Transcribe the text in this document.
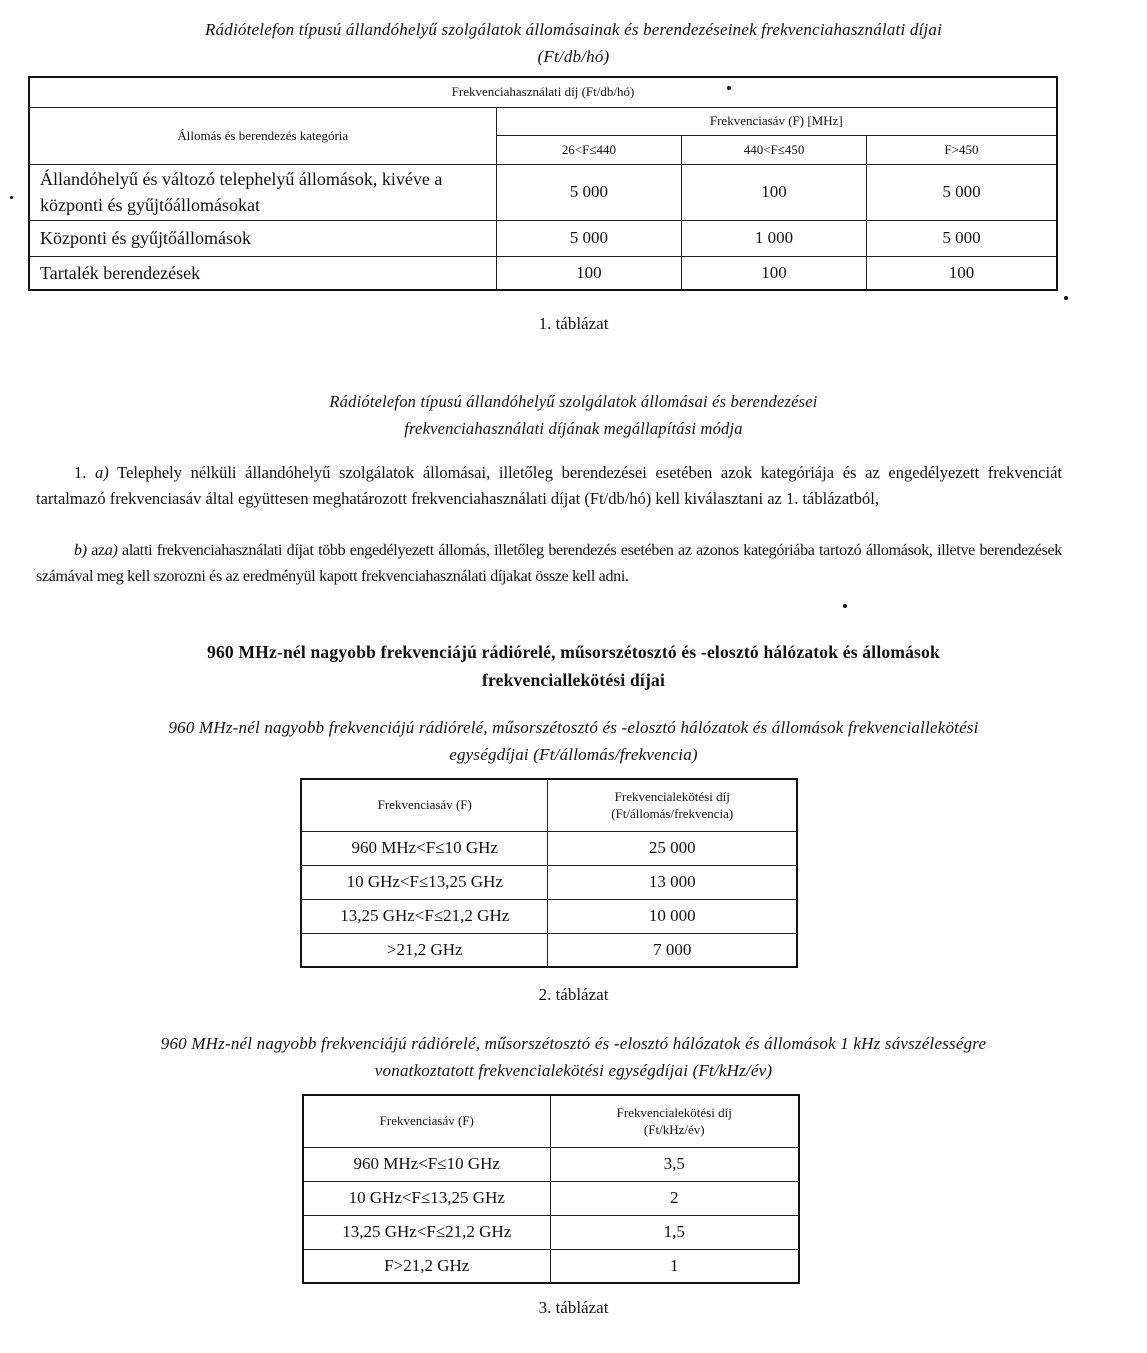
Rádiótelefon típusú állandóhelyű szolgálatok állomásainak és berendezéseinek frekvenciahasználati díjai
(Ft/db/hó)
Frekvenciahasználati díj (Ft/db/hó)			
Állomás és berendezés kategória	Frekvenciasáv (F) [MHz]		
	26<F≤440	440<F≤450	F>450
Állandóhelyű és változó telephelyű állomások, kivéve a központi és gyűjtőállomásokat	5 000	100	5 000
Központi és gyűjtőállomások	5 000	1 000	5 000
Tartalék berendezések	100	100	100
1. táblázat
Rádiótelefon típusú állandóhelyű szolgálatok állomásai és berendezései
frekvenciahasználati díjának megállapítási módja
1. a) Telephely nélküli állandóhelyű szolgálatok állomásai, illetőleg berendezései esetében azok kategóriája és az engedélyezett frekvenciát tartalmazó frekvenciasáv által együttesen meghatározott frekvenciahasználati díjat (Ft/db/hó) kell kiválasztani az 1. táblázatból,
b) aza) alatti frekvenciahasználati díjat több engedélyezett állomás, illetőleg berendezés esetében az azonos kategóriába tartozó állomások, illetve berendezések számával meg kell szorozni és az eredményül kapott frekvenciahasználati díjakat össze kell adni.
960 MHz-nél nagyobb frekvenciájú rádiórelé, műsorszétosztó és -elosztó hálózatok és állomások
frekvenciallekötési díjai
960 MHz-nél nagyobb frekvenciájú rádiórelé, műsorszétosztó és -elosztó hálózatok és állomások frekvenciallekötési
egységdíjai (Ft/állomás/frekvencia)
Frekvenciasáv (F)	Frekvencialekötési díj
(Ft/állomás/frekvencia)

960 MHz<F≤10 GHz	25 000
10 GHz<F≤13,25 GHz	13 000
13,25 GHz<F≤21,2 GHz	10 000
>21,2 GHz	7 000
2. táblázat
960 MHz-nél nagyobb frekvenciájú rádiórelé, műsorszétosztó és -elosztó hálózatok és állomások 1 kHz sávszélességre
vonatkoztatott frekvencialekötési egységdíjai (Ft/kHz/év)
Frekvenciasáv (F)	Frekvencialekötési díj
(Ft/kHz/év)

960 MHz<F≤10 GHz	3,5
10 GHz<F≤13,25 GHz	2
13,25 GHz<F≤21,2 GHz	1,5
F>21,2 GHz	1
3. táblázat
